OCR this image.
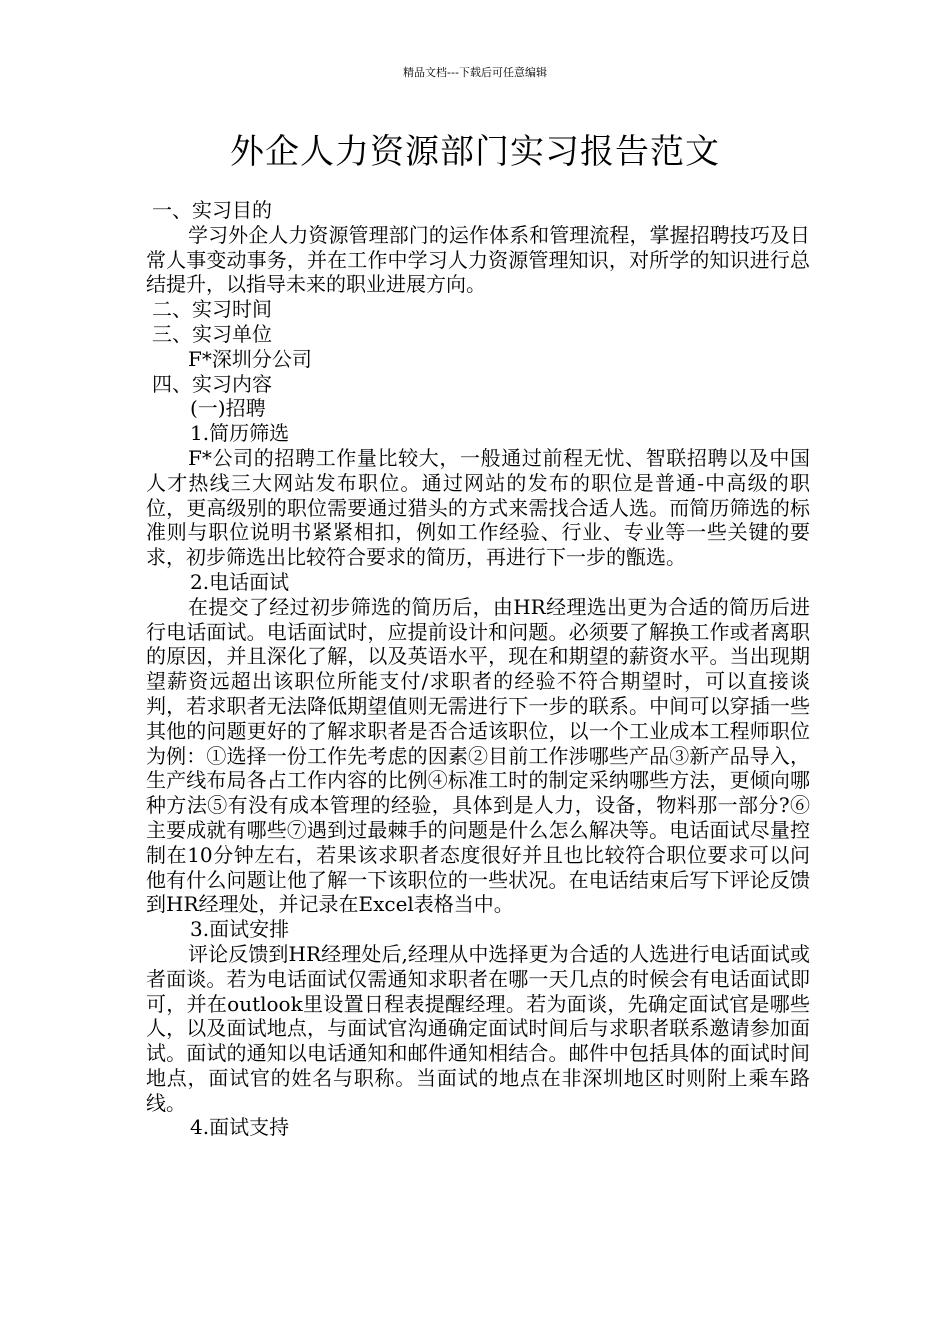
精品文档---下载后可任意编辑
外企人力资源部门实习报告范文

一、实习目的

学习外企人力资源管理部门的运作体系和管理流程，掌握招聘技巧及日常人事变动事务，并在工作中学习人力资源管理知识，对所学的知识进行总结提升，以指导未来的职业进展方向。

二、实习时间

三、实习单位

F*深圳分公司

四、实习内容

(一)招聘

1.简历筛选

F*公司的招聘工作量比较大，一般通过前程无忧、智联招聘以及中国人才热线三大网站发布职位。通过网站的发布的职位是普通-中高级的职位，更高级别的职位需要通过猎头的方式来需找合适人选。而简历筛选的标准则与职位说明书紧紧相扣，例如工作经验、行业、专业等一些关键的要求，初步筛选出比较符合要求的简历，再进行下一步的甑选。

2.电话面试

在提交了经过初步筛选的简历后，由HR经理选出更为合适的简历后进行电话面试。电话面试时，应提前设计和问题。必须要了解换工作或者离职的原因，并且深化了解，以及英语水平，现在和期望的薪资水平。当出现期望薪资远超出该职位所能支付/求职者的经验不符合期望时，可以直接谈判，若求职者无法降低期望值则无需进行下一步的联系。中间可以穿插一些其他的问题更好的了解求职者是否合适该职位，以一个工业成本工程师职位为例：①选择一份工作先考虑的因素②目前工作涉哪些产品③新产品导入，生产线布局各占工作内容的比例④标准工时的制定采纳哪些方法，更倾向哪种方法⑤有没有成本管理的经验，具体到是人力，设备，物料那一部分?⑥ 主要成就有哪些⑦遇到过最棘手的问题是什么怎么解决等。电话面试尽量控制在10分钟左右，若果该求职者态度很好并且也比较符合职位要求可以问他有什么问题让他了解一下该职位的一些状况。在电话结束后写下评论反馈到HR经理处，并记录在Excel表格当中。

3.面试安排

评论反馈到HR经理处后,经理从中选择更为合适的人选进行电话面试或者面谈。若为电话面试仅需通知求职者在哪一天几点的时候会有电话面试即可，并在outlook里设置日程表提醒经理。若为面谈，先确定面试官是哪些人，以及面试地点，与面试官沟通确定面试时间后与求职者联系邀请参加面试。面试的通知以电话通知和邮件通知相结合。邮件中包括具体的面试时间地点，面试官的姓名与职称。当面试的地点在非深圳地区时则附上乘车路线。

4.面试支持
